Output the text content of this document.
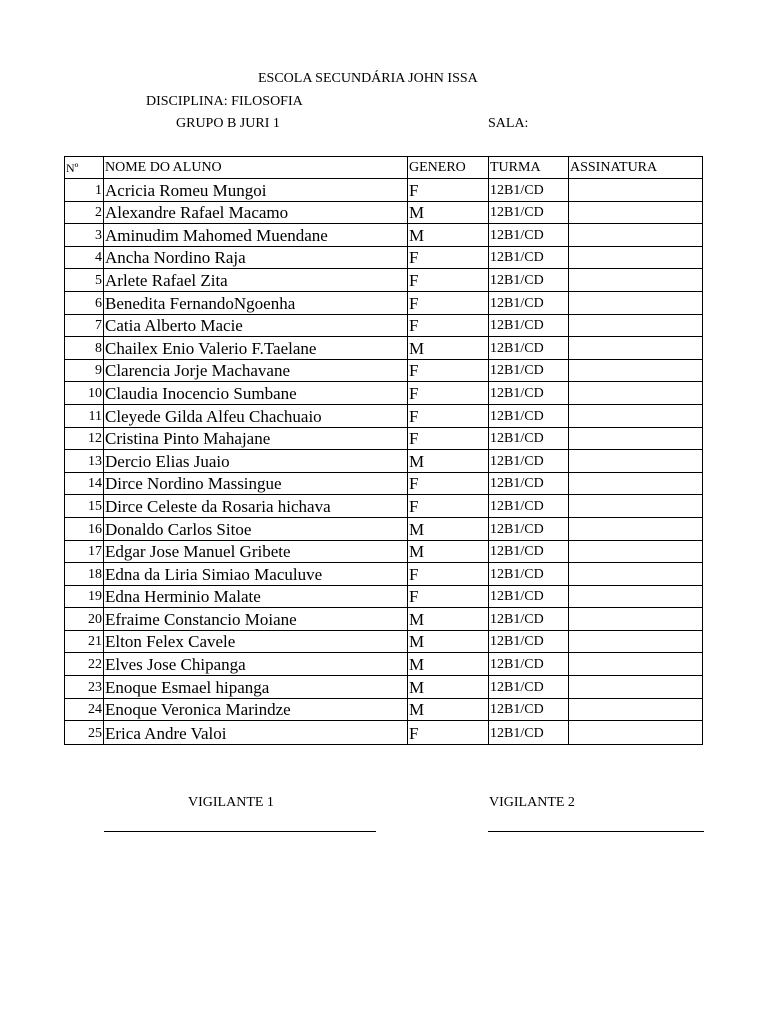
ESCOLA SECUNDÁRIA JOHN ISSA
DISCIPLINA: FILOSOFIA
GRUPO B JURI 1	SALA:
Nº NOME DO ALUNO	GENERO TURMA ASSINATURA
1 Acricia Romeu Mungoi	F	12B1/CD
2 Alexandre Rafael Macamo	M	12B1/CD
3 Aminudim Mahomed Muendane	M	12B1/CD
4 Ancha Nordino Raja	F	12B1/CD
5 Arlete Rafael Zita	F	12B1/CD
6 Benedita FernandoNgoenha	F	12B1/CD
7 Catia Alberto Macie	F	12B1/CD
8 Chailex Enio Valerio F.Taelane	M	12B1/CD
9 Clarencia Jorje Machavane	F	12B1/CD
10 Claudia Inocencio Sumbane	F	12B1/CD
11 Cleyede Gilda Alfeu Chachuaio	F	12B1/CD
12 Cristina Pinto Mahajane	F	12B1/CD
13 Dercio Elias Juaio	M	12B1/CD
14 Dirce Nordino Massingue	F	12B1/CD
15 Dirce Celeste da Rosaria hichava	F	12B1/CD
16 Donaldo Carlos Sitoe	M	12B1/CD
17 Edgar Jose Manuel Gribete	M	12B1/CD
18 Edna da Liria Simiao Maculuve	F	12B1/CD
19 Edna Herminio Malate	F	12B1/CD
20 Efraime Constancio Moiane	M	12B1/CD
21 Elton Felex Cavele	M	12B1/CD
22 Elves Jose Chipanga	M	12B1/CD
23 Enoque Esmael hipanga	M	12B1/CD
24 Enoque Veronica Marindze	M	12B1/CD
25 Erica Andre Valoi	F	12B1/CD
VIGILANTE 1	VIGILANTE 2
